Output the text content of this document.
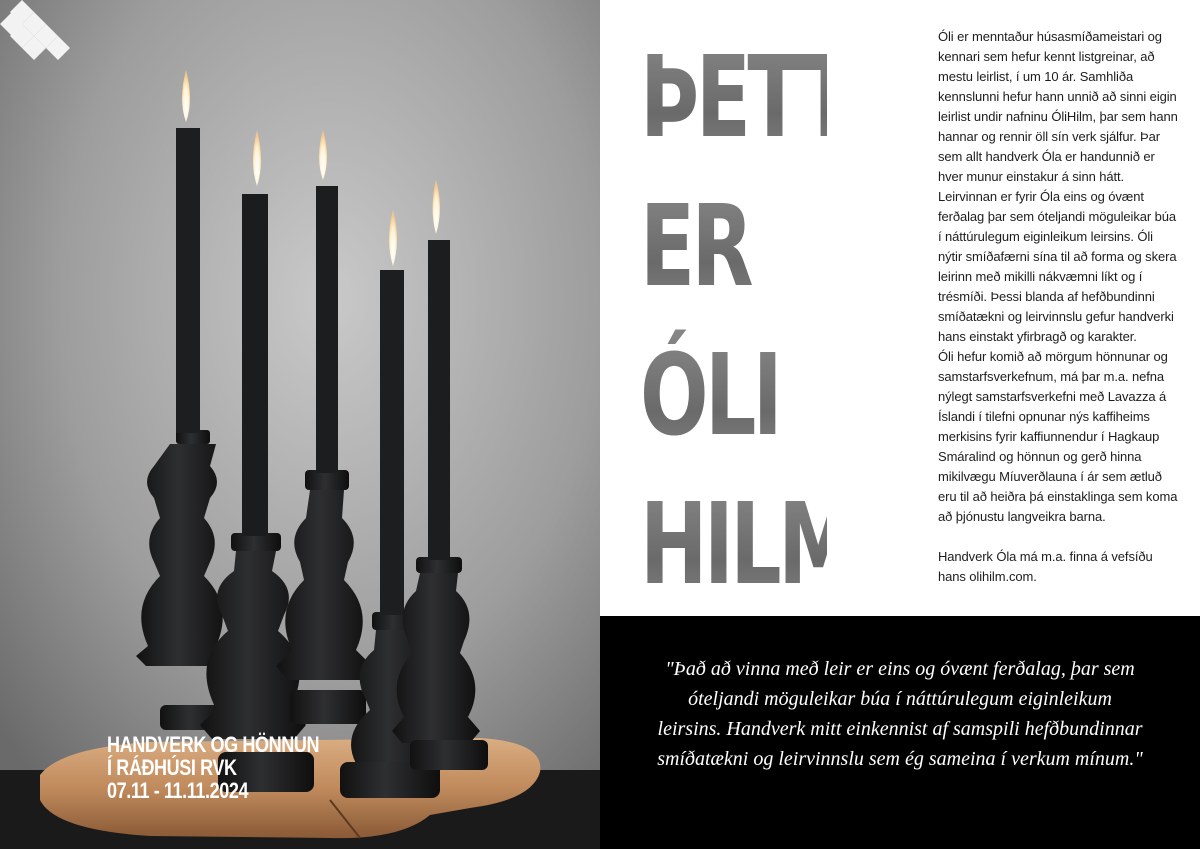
HANDVERK OG HÖNNUN
Í RÁÐHÚSI RVK
07.11 - 11.11.2024
ÞETTA
ER
ÓLI
HILM

Óli er menntaður húsasmíðameistari og kennari sem hefur kennt listgreinar, að mestu leirlist, í um 10 ár. Samhliða kennslunni hefur hann unnið að sinni eigin leirlist undir nafninu ÓliHilm, þar sem hann hannar og rennir öll sín verk sjálfur. Þar sem allt handverk Óla er handunnið er hver munur einstakur á sinn hátt.

Leirvinnan er fyrir Óla eins og óvænt ferðalag þar sem óteljandi möguleikar búa í náttúrulegum eiginleikum leirsins. Óli nýtir smíðafærni sína til að forma og skera leirinn með mikilli nákvæmni líkt og í trésmíði. Þessi blanda af hefðbundinni smíðatækni og leirvinnslu gefur handverki hans einstakt yfirbragð og karakter.

Óli hefur komið að mörgum hönnunar og samstarfsverkefnum, má þar m.a. nefna nýlegt samstarfsverkefni með Lavazza á Íslandi í tilefni opnunar nýs kaffiheims merkisins fyrir kaffiunnendur í Hagkaup Smáralind og hönnun og gerð hinna mikilvægu Míuverðlauna í ár sem ætluð eru til að heiðra þá einstaklinga sem koma að þjónustu langveikra barna.

Handverk Óla má m.a. finna á vefsíðu hans olihilm.com.

"Það að vinna með leir er eins og óvænt ferðalag, þar sem óteljandi möguleikar búa í náttúrulegum eiginleikum leirsins. Handverk mitt einkennist af samspili hefðbundinnar smíðatækni og leirvinnslu sem ég sameina í verkum mínum."
